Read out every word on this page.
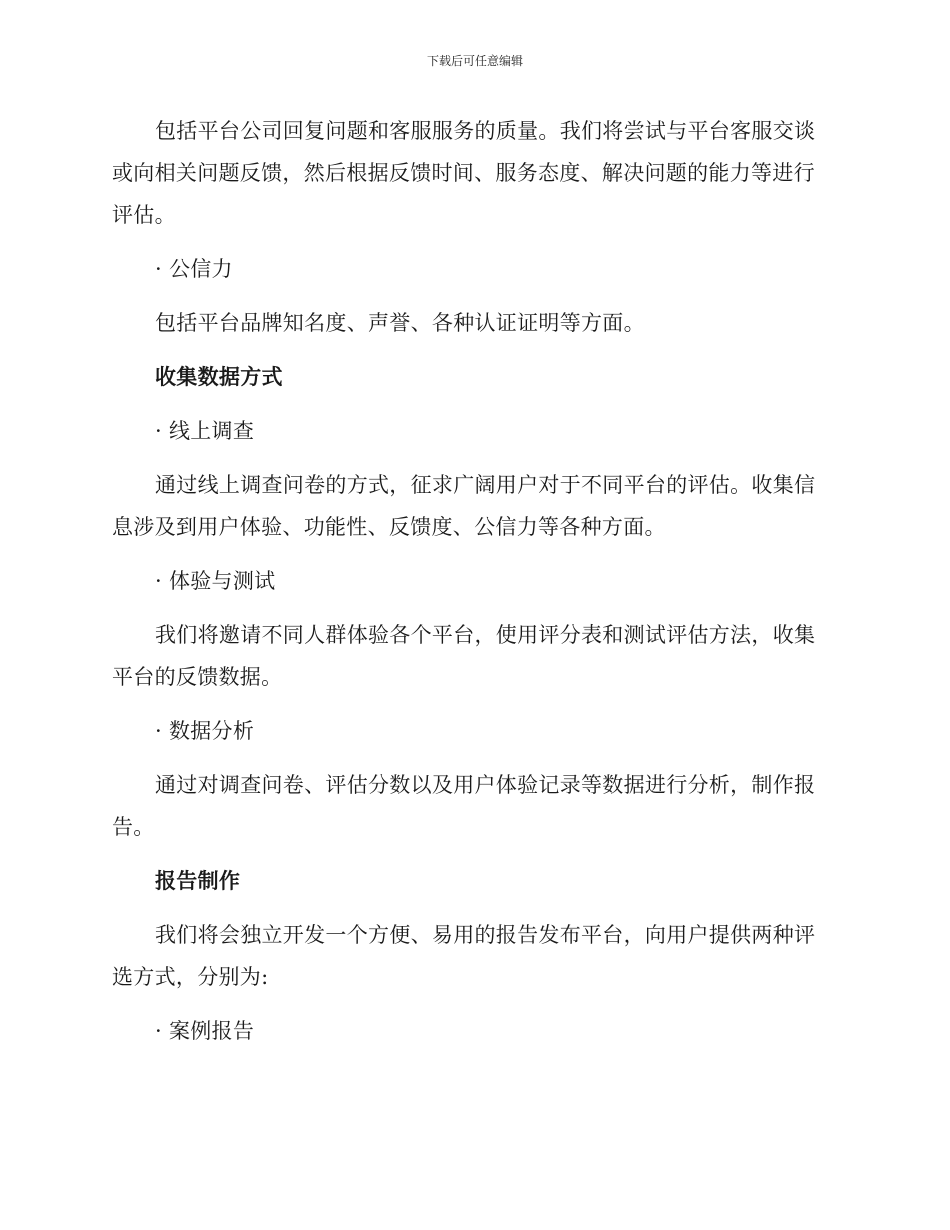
下载后可任意编辑

包括平台公司回复问题和客服服务的质量。我们将尝试与平台客服交谈或向相关问题反馈，然后根据反馈时间、服务态度、解决问题的能力等进行评估。

· 公信力

包括平台品牌知名度、声誉、各种认证证明等方面。

收集数据方式
· 线上调查

通过线上调查问卷的方式，征求广阔用户对于不同平台的评估。收集信息涉及到用户体验、功能性、反馈度、公信力等各种方面。

· 体验与测试

我们将邀请不同人群体验各个平台，使用评分表和测试评估方法，收集平台的反馈数据。

· 数据分析

通过对调查问卷、评估分数以及用户体验记录等数据进行分析，制作报告。

报告制作

我们将会独立开发一个方便、易用的报告发布平台，向用户提供两种评选方式，分别为:

· 案例报告
